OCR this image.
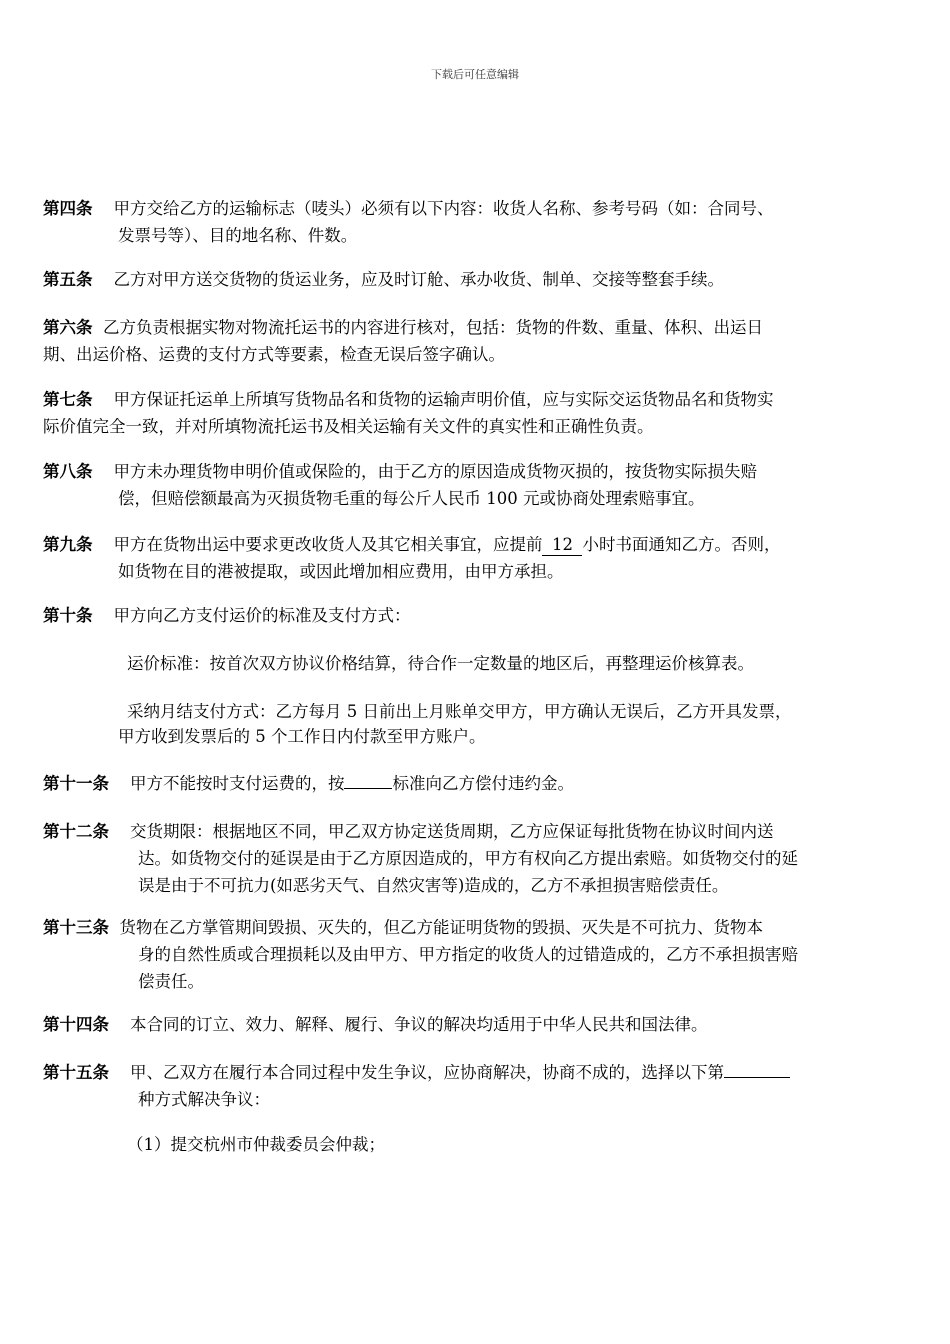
下载后可任意编辑
第四条 甲方交给乙方的运输标志（唛头）必须有以下内容：收货人名称、参考号码（如：合同号、
发票号等）、目的地名称、件数。
第五条 乙方对甲方送交货物的货运业务，应及时订舱、承办收货、制单、交接等整套手续。
第六条 乙方负责根据实物对物流托运书的内容进行核对，包括：货物的件数、重量、体积、出运日
期、出运价格、运费的支付方式等要素，检查无误后签字确认。
第七条 甲方保证托运单上所填写货物品名和货物的运输声明价值，应与实际交运货物品名和货物实
际价值完全一致，并对所填物流托运书及相关运输有关文件的真实性和正确性负责。
第八条 甲方未办理货物申明价值或保险的，由于乙方的原因造成货物灭损的，按货物实际损失赔
偿，但赔偿额最高为灭损货物毛重的每公斤人民币 100 元或协商处理索赔事宜。
第九条 甲方在货物出运中要求更改收货人及其它相关事宜，应提前 12 小时书面通知乙方。否则，
如货物在目的港被提取，或因此增加相应费用，由甲方承担。
第十条 甲方向乙方支付运价的标准及支付方式：
运价标准：按首次双方协议价格结算，待合作一定数量的地区后，再整理运价核算表。
采纳月结支付方式：乙方每月 5 日前出上月账单交甲方，甲方确认无误后，乙方开具发票，
甲方收到发票后的 5 个工作日内付款至甲方账户。
第十一条 甲方不能按时支付运费的，按	标准向乙方偿付违约金。
第十二条 交货期限：根据地区不同，甲乙双方协定送货周期，乙方应保证每批货物在协议时间内送
达。如货物交付的延误是由于乙方原因造成的，甲方有权向乙方提出索赔。如货物交付的延
误是由于不可抗力(如恶劣天气、自然灾害等)造成的，乙方不承担损害赔偿责任。
第十三条 货物在乙方掌管期间毁损、灭失的，但乙方能证明货物的毁损、灭失是不可抗力、货物本
身的自然性质或合理损耗以及由甲方、甲方指定的收货人的过错造成的，乙方不承担损害赔
偿责任。
第十四条 本合同的订立、效力、解释、履行、争议的解决均适用于中华人民共和国法律。
第十五条 甲、乙双方在履行本合同过程中发生争议，应协商解决，协商不成的，选择以下第
种方式解决争议：
（1）提交杭州市仲裁委员会仲裁；
